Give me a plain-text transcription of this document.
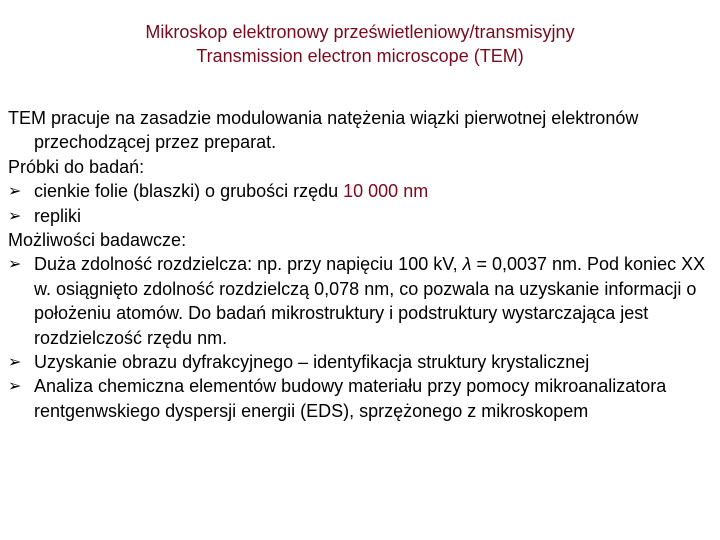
Mikroskop elektronowy prześwietleniowy/transmisyjny
Transmission electron microscope (TEM)

TEM pracuje na zasadzie modulowania natężenia wiązki pierwotnej elektronów przechodzącej przez preparat.

Próbki do badań:

➢ cienkie folie (blaszki) o grubości rzędu 10 000 nm

➢ repliki

Możliwości badawcze:

➢ Duża zdolność rozdzielcza: np. przy napięciu 100 kV, λ = 0,0037 nm. Pod koniec XX w. osiągnięto zdolność rozdzielczą 0,078 nm, co pozwala na uzyskanie informacji o położeniu atomów. Do badań mikrostruktury i podstruktury wystarczająca jest rozdzielczość rzędu nm.

➢ Uzyskanie obrazu dyfrakcyjnego – identyfikacja struktury krystalicznej

➢ Analiza chemiczna elementów budowy materiału przy pomocy mikroanalizatora rentgenwskiego dyspersji energii (EDS), sprzężonego z mikroskopem
